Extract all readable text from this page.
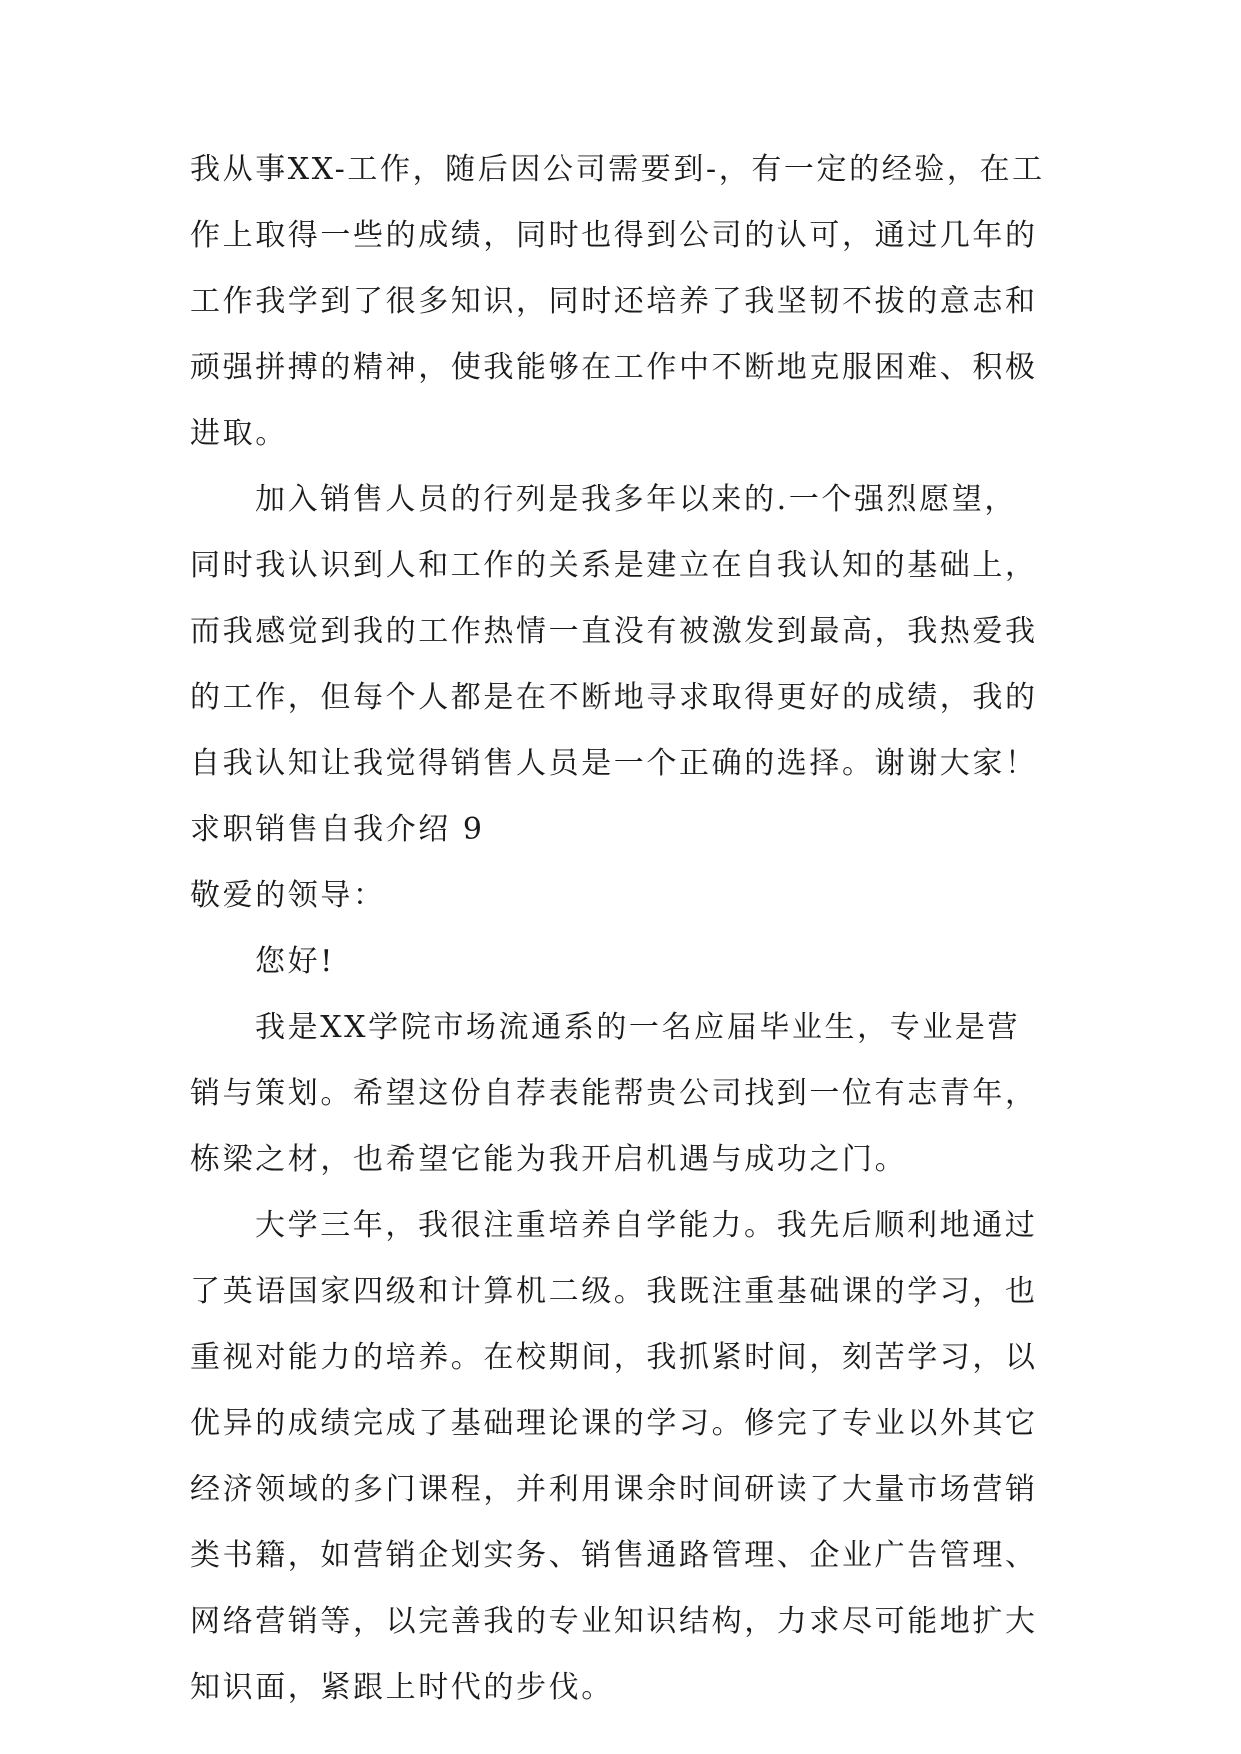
我从事XX-工作，随后因公司需要到-，有一定的经验，在工
作上取得一些的成绩，同时也得到公司的认可，通过几年的
工作我学到了很多知识，同时还培养了我坚韧不拔的意志和
顽强拼搏的精神，使我能够在工作中不断地克服困难、积极
进取。
加入销售人员的行列是我多年以来的.一个强烈愿望，
同时我认识到人和工作的关系是建立在自我认知的基础上，
而我感觉到我的工作热情一直没有被激发到最高，我热爱我
的工作，但每个人都是在不断地寻求取得更好的成绩，我的
自我认知让我觉得销售人员是一个正确的选择。谢谢大家！
求职销售自我介绍 9
敬爱的领导：
您好!
我是XX学院市场流通系的一名应届毕业生，专业是营
销与策划。希望这份自荐表能帮贵公司找到一位有志青年，
栋梁之材，也希望它能为我开启机遇与成功之门。
大学三年，我很注重培养自学能力。我先后顺利地通过
了英语国家四级和计算机二级。我既注重基础课的学习，也
重视对能力的培养。在校期间，我抓紧时间，刻苦学习，以
优异的成绩完成了基础理论课的学习。修完了专业以外其它
经济领域的多门课程，并利用课余时间研读了大量市场营销
类书籍，如营销企划实务、销售通路管理、企业广告管理、
网络营销等，以完善我的专业知识结构，力求尽可能地扩大
知识面，紧跟上时代的步伐。
